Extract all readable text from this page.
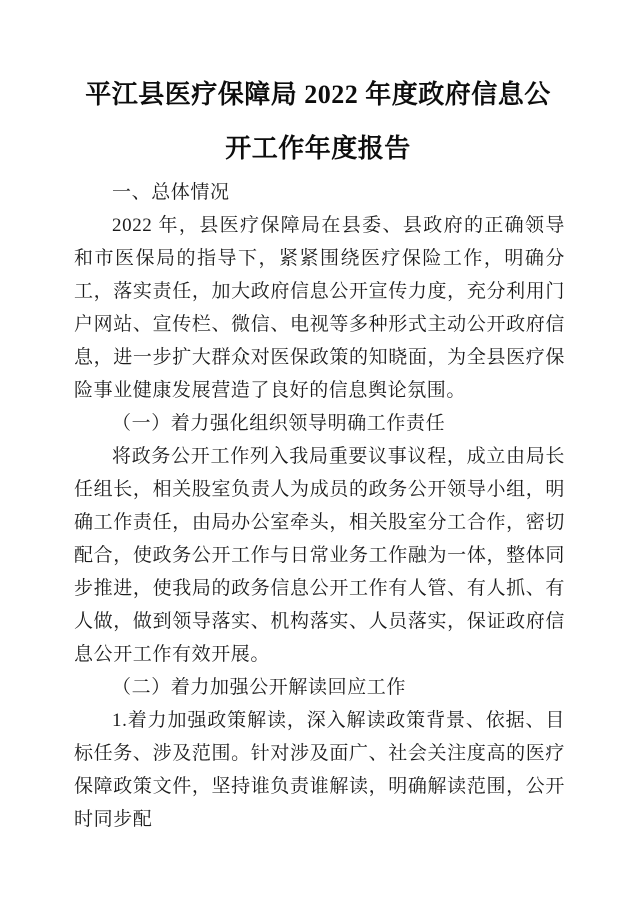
平江县医疗保障局 2022 年度政府信息公开工作年度报告

一、总体情况

2022 年，县医疗保障局在县委、县政府的正确领导和市医保局的指导下，紧紧围绕医疗保险工作，明确分工，落实责任，加大政府信息公开宣传力度，充分利用门户网站、宣传栏、微信、电视等多种形式主动公开政府信息，进一步扩大群众对医保政策的知晓面，为全县医疗保险事业健康发展营造了良好的信息舆论氛围。

（一）着力强化组织领导明确工作责任

将政务公开工作列入我局重要议事议程，成立由局长任组长，相关股室负责人为成员的政务公开领导小组，明确工作责任，由局办公室牵头，相关股室分工合作，密切配合，使政务公开工作与日常业务工作融为一体，整体同步推进，使我局的政务信息公开工作有人管、有人抓、有人做，做到领导落实、机构落实、人员落实，保证政府信息公开工作有效开展。

（二）着力加强公开解读回应工作

1.着力加强政策解读，深入解读政策背景、依据、目标任务、涉及范围。针对涉及面广、社会关注度高的医疗保障政策文件，坚持谁负责谁解读，明确解读范围，公开时同步配
